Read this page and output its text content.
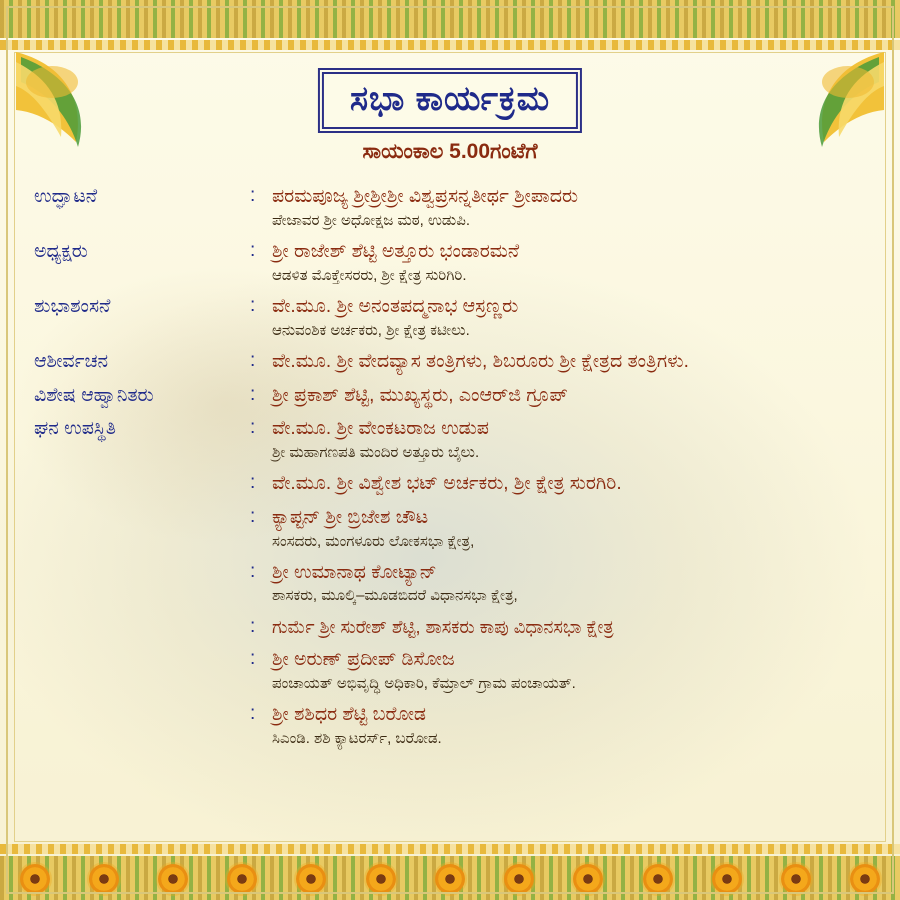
ಸಭಾ ಕಾರ್ಯಕ್ರಮ
ಸಾಯಂಕಾಲ 5.00ಗಂಟೆಗೆ
ಉದ್ಘಾಟನೆ	: ಪರಮಪೂಜ್ಯ ಶ್ರೀಶ್ರೀಶ್ರೀ ವಿಶ್ವಪ್ರಸನ್ನತೀರ್ಥ ಶ್ರೀಪಾದರು
ಪೇಜಾವರ ಶ್ರೀ ಅಧೋಕ್ಷಜ ಮಠ, ಉಡುಪಿ.
ಅಧ್ಯಕ್ಷರು	: ಶ್ರೀ ರಾಜೇಶ್ ಶೆಟ್ಟಿ ಅತ್ತೂರು ಭಂಡಾರಮನೆ
ಆಡಳಿತ ಮೊಕ್ತೇಸರರು, ಶ್ರೀ ಕ್ಷೇತ್ರ ಸುರಿಗಿರಿ.
ಶುಭಾಶಂಸನೆ	: ವೇ.ಮೂ. ಶ್ರೀ ಅನಂತಪದ್ಮನಾಭ ಆಸ್ರಣ್ಣರು
ಆನುವಂಶಿಕ ಅರ್ಚಕರು, ಶ್ರೀ ಕ್ಷೇತ್ರ ಕಟೀಲು.
ಆಶೀರ್ವಚನ	: ವೇ.ಮೂ. ಶ್ರೀ ವೇದವ್ಯಾಸ ತಂತ್ರಿಗಳು, ಶಿಬರೂರು ಶ್ರೀ ಕ್ಷೇತ್ರದ ತಂತ್ರಿಗಳು.
ವಿಶೇಷ ಆಹ್ವಾನಿತರು	: ಶ್ರೀ ಪ್ರಕಾಶ್ ಶೆಟ್ಟಿ, ಮುಖ್ಯಸ್ಥರು, ಎಂಆರ್‌ಜಿ ಗ್ರೂಪ್
ಘನ ಉಪಸ್ಥಿತಿ	: ವೇ.ಮೂ. ಶ್ರೀ ವೇಂಕಟರಾಜ ಉಡುಪ
ಶ್ರೀ ಮಹಾಗಣಪತಿ ಮಂದಿರ ಅತ್ತೂರು ಬೈಲು.
: ವೇ.ಮೂ. ಶ್ರೀ ವಿಶ್ವೇಶ ಭಟ್ ಅರ್ಚಕರು, ಶ್ರೀ ಕ್ಷೇತ್ರ ಸುರಗಿರಿ.
: ಕ್ಯಾಪ್ಟನ್ ಶ್ರೀ ಬ್ರಿಜೇಶ ಚೌಟ
ಸಂಸದರು, ಮಂಗಳೂರು ಲೋಕಸಭಾ ಕ್ಷೇತ್ರ,
: ಶ್ರೀ ಉಮಾನಾಥ ಕೋಟ್ಯಾನ್
ಶಾಸಕರು, ಮೂಲ್ಕಿ–ಮೂಡಬಿದರೆ ವಿಧಾನಸಭಾ ಕ್ಷೇತ್ರ,
: ಗುರ್ಮೆ ಶ್ರೀ ಸುರೇಶ್ ಶೆಟ್ಟಿ, ಶಾಸಕರು ಕಾಪು ವಿಧಾನಸಭಾ ಕ್ಷೇತ್ರ
: ಶ್ರೀ ಅರುಣ್ ಪ್ರದೀಪ್ ಡಿಸೋಜ
ಪಂಚಾಯತ್ ಅಭಿವೃದ್ಧಿ ಅಧಿಕಾರಿ, ಕೆಮ್ರಾಲ್ ಗ್ರಾಮ ಪಂಚಾಯತ್.
: ಶ್ರೀ ಶಶಿಧರ ಶೆಟ್ಟಿ ಬರೋಡ
ಸಿಎಂಡಿ. ಶಶಿ ಕ್ಯಾಟರರ್ಸ್, ಬರೋಡ.
